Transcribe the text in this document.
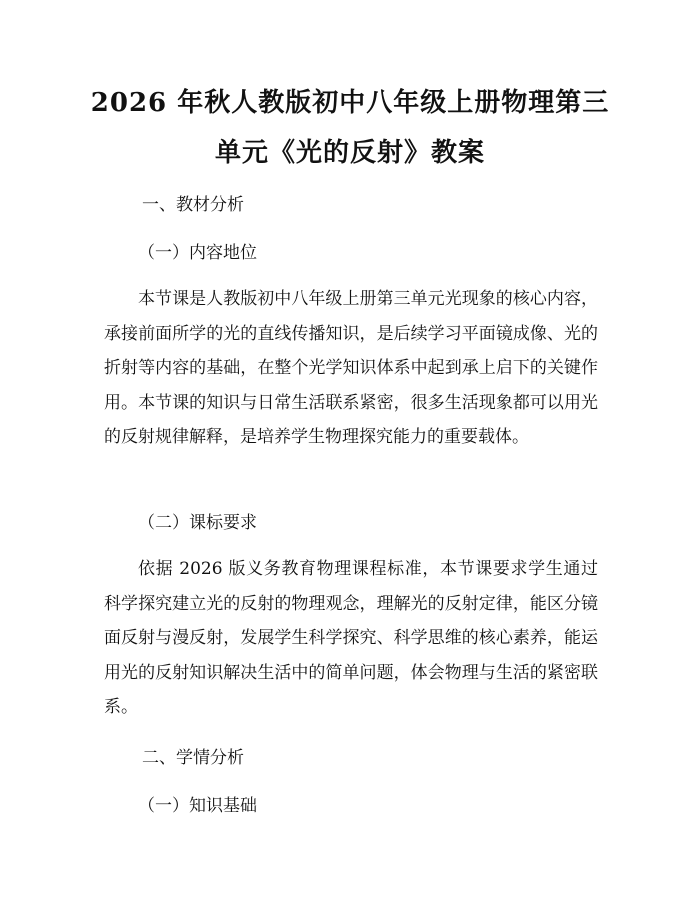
2026 年秋人教版初中八年级上册物理第三单元《光的反射》教案
一、教材分析
（一）内容地位
本节课是人教版初中八年级上册第三单元光现象的核心内容，承接前面所学的光的直线传播知识，是后续学习平面镜成像、光的折射等内容的基础，在整个光学知识体系中起到承上启下的关键作用。本节课的知识与日常生活联系紧密，很多生活现象都可以用光的反射规律解释，是培养学生物理探究能力的重要载体。
（二）课标要求
依据 2026 版义务教育物理课程标准，本节课要求学生通过科学探究建立光的反射的物理观念，理解光的反射定律，能区分镜面反射与漫反射，发展学生科学探究、科学思维的核心素养，能运用光的反射知识解决生活中的简单问题，体会物理与生活的紧密联系。
二、学情分析
（一）知识基础
